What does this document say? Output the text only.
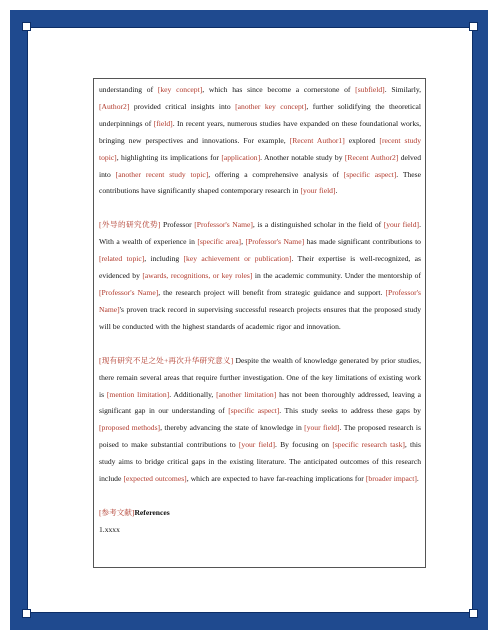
understanding of [key concept], which has since become a cornerstone of [subfield]. Similarly, [Author2] provided critical insights into [another key concept], further solidifying the theoretical underpinnings of [field]. In recent years, numerous studies have expanded on these foundational works, bringing new perspectives and innovations. For example, [Recent Author1] explored [recent study topic], highlighting its implications for [application]. Another notable study by [Recent Author2] delved into [another recent study topic], offering a comprehensive analysis of [specific aspect]. These contributions have significantly shaped contemporary research in [your field].

[外导的研究优势] Professor [Professor's Name], is a distinguished scholar in the field of [your field]. With a wealth of experience in [specific area], [Professor's Name] has made significant contributions to [related topic], including [key achievement or publication]. Their expertise is well-recognized, as evidenced by [awards, recognitions, or key roles] in the academic community. Under the mentorship of [Professor's Name], the research project will benefit from strategic guidance and support. [Professor's Name]'s proven track record in supervising successful research projects ensures that the proposed study will be conducted with the highest standards of academic rigor and innovation.

[现有研究不足之处+再次升华研究意义] Despite the wealth of knowledge generated by prior studies, there remain several areas that require further investigation. One of the key limitations of existing work is [mention limitation]. Additionally, [another limitation] has not been thoroughly addressed, leaving a significant gap in our understanding of [specific aspect]. This study seeks to address these gaps by [proposed methods], thereby advancing the state of knowledge in [your field]. The proposed research is poised to make substantial contributions to [your field]. By focusing on [specific research task], this study aims to bridge critical gaps in the existing literature. The anticipated outcomes of this research include [expected outcomes], which are expected to have far-reaching implications for [broader impact].

[参考文献]References

1.xxxx
